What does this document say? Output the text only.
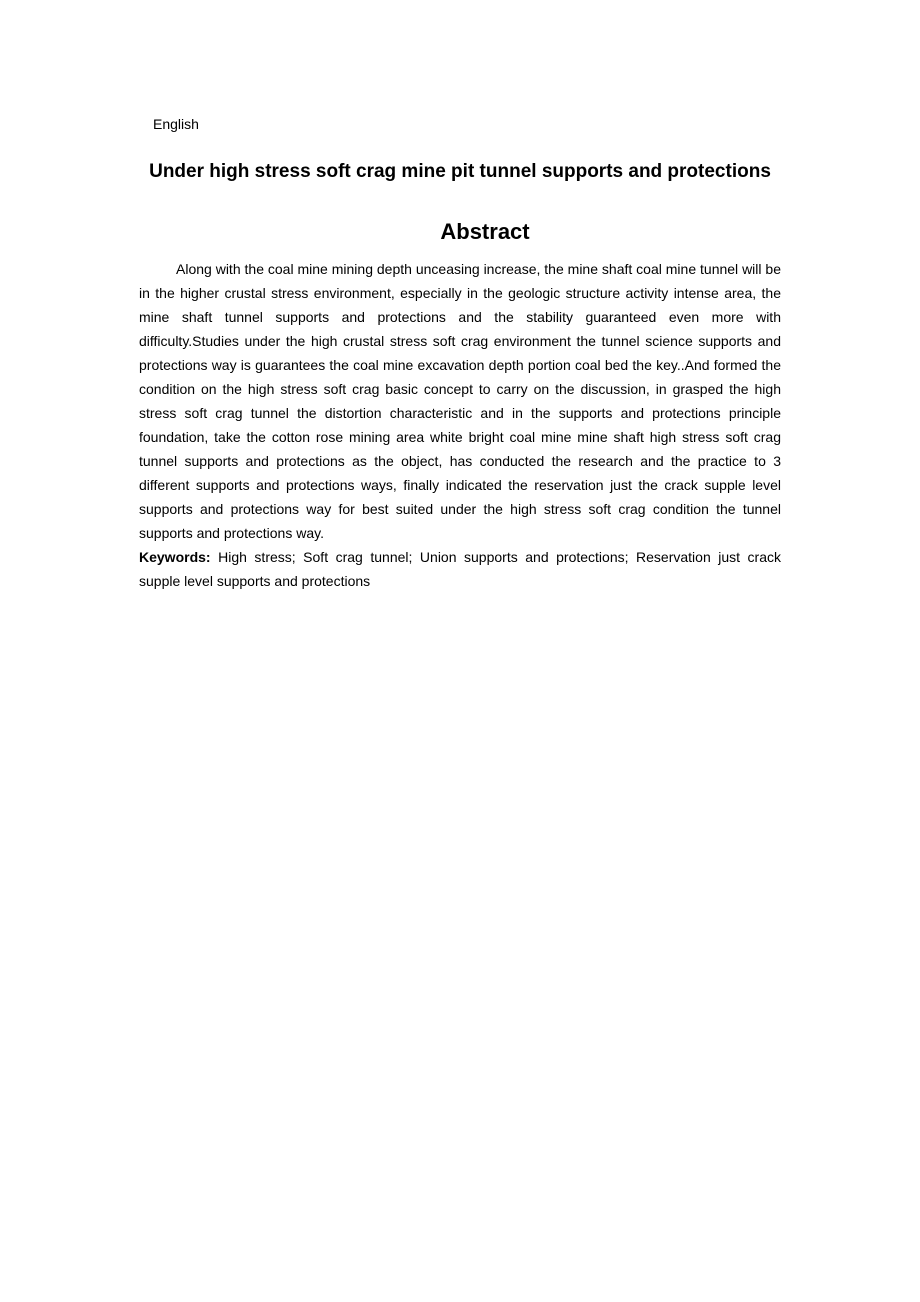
English
Under high stress soft crag mine pit tunnel supports and protections
Abstract

Along with the coal mine mining depth unceasing increase, the mine shaft coal mine tunnel will be in the higher crustal stress environment, especially in the geologic structure activity intense area, the mine shaft tunnel supports and protections and the stability guaranteed even more with difficulty.Studies under the high crustal stress soft crag environment the tunnel science supports and protections way is guarantees the coal mine excavation depth portion coal bed the key..And formed the condition on the high stress soft crag basic concept to carry on the discussion, in grasped the high stress soft crag tunnel the distortion characteristic and in the supports and protections principle foundation, take the cotton rose mining area white bright coal mine mine shaft high stress soft crag tunnel supports and protections as the object, has conducted the research and the practice to 3 different supports and protections ways, finally indicated the reservation just the crack supple level supports and protections way for best suited under the high stress soft crag condition the tunnel supports and protections way.

Keywords: High stress; Soft crag tunnel; Union supports and protections; Reservation just crack supple level supports and protections
